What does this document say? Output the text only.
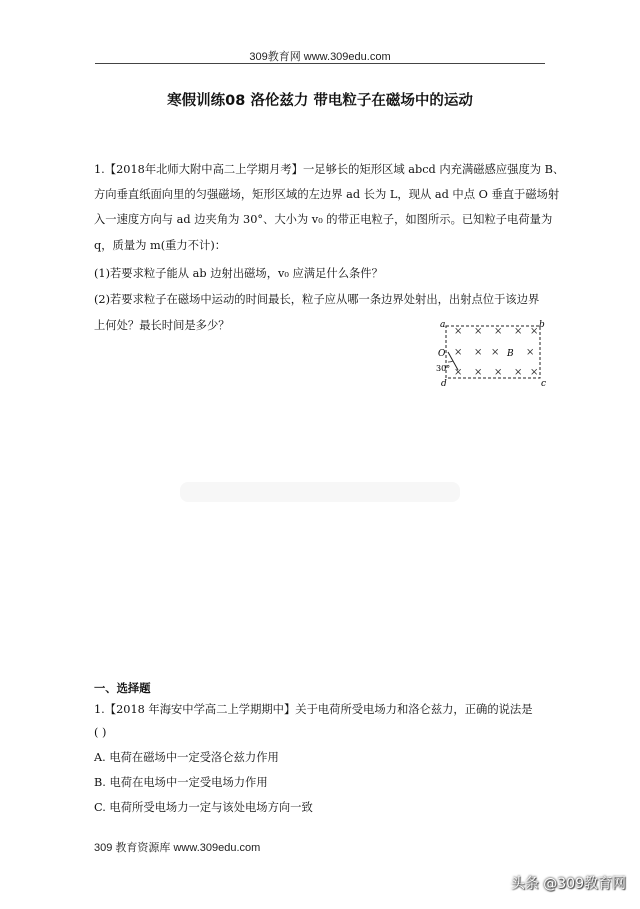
309教育网 www.309edu.com
寒假训练08 洛伦兹力 带电粒子在磁场中的运动
1.【2018年北师大附中高二上学期月考】一足够长的矩形区域 abcd 内充满磁感应强度为 B、
方向垂直纸面向里的匀强磁场，矩形区域的左边界 ad 长为 L，现从 ad 中点 O 垂直于磁场射
入一速度方向与 ad 边夹角为 30°、大小为 v₀ 的带正电粒子，如图所示。已知粒子电荷量为
q，质量为 m(重力不计)：
(1)若要求粒子能从 ab 边射出磁场，v₀ 应满足什么条件？
(2)若要求粒子在磁场中运动的时间最长，粒子应从哪一条边界处射出，出射点位于该边界
上何处？最长时间是多少？	a	b
c
d
O
30°
B
× × × × ×
× × ×	×
× × × × ×
一、选择题
1.【2018 年海安中学高二上学期期中】关于电荷所受电场力和洛仑兹力，正确的说法是
( )
A. 电荷在磁场中一定受洛仑兹力作用
B. 电荷在电场中一定受电场力作用
C. 电荷所受电场力一定与该处电场方向一致
309 教育资源库 www.309edu.com
头条 @309教育网
